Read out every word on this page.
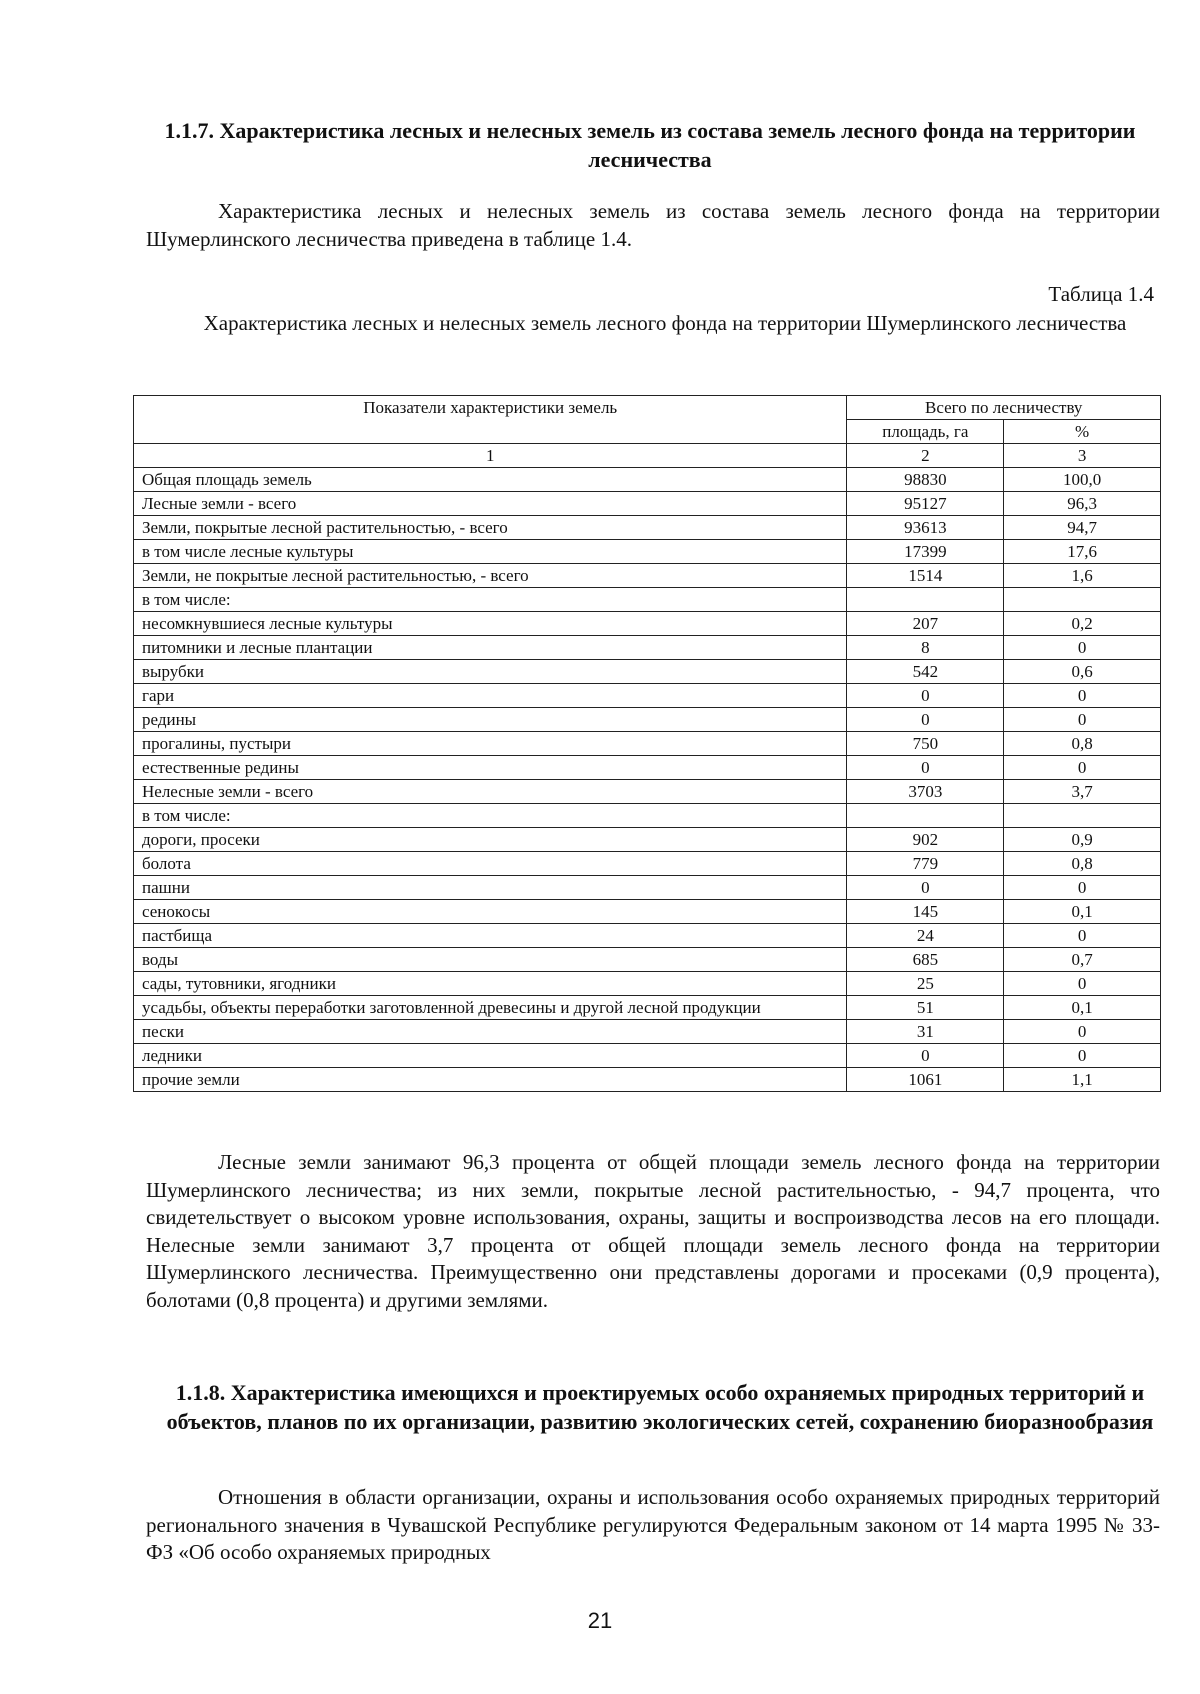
1.1.7. Характеристика лесных и нелесных земель из состава земель лесного фонда на территории лесничества

Характеристика лесных и нелесных земель из состава земель лесного фонда на территории Шумерлинского лесничества приведена в таблице 1.4.

Таблица 1.4
Характеристика лесных и нелесных земель лесного фонда на территории Шумерлинского лесничества
Показатели характеристики земель	Всего по лесничеству	
	площадь, га	%
1	2	3
Общая площадь земель	98830	100,0
Лесные земли - всего	95127	96,3
Земли, покрытые лесной растительностью, - всего	93613	94,7
в том числе лесные культуры	17399	17,6
Земли, не покрытые лесной растительностью, - всего	1514	1,6
в том числе:		
несомкнувшиеся лесные культуры	207	0,2
питомники и лесные плантации	8	0
вырубки	542	0,6
гари	0	0
редины	0	0
прогалины, пустыри	750	0,8
естественные редины	0	0
Нелесные земли - всего	3703	3,7
в том числе:		
дороги, просеки	902	0,9
болота	779	0,8
пашни	0	0
сенокосы	145	0,1
пастбища	24	0
воды	685	0,7
сады, тутовники, ягодники	25	0
усадьбы, объекты переработки заготовленной древесины и другой лесной продукции	51	0,1
пески	31	0
ледники	0	0
прочие земли	1061	1,1

Лесные земли занимают 96,3 процента от общей площади земель лесного фонда на территории Шумерлинского лесничества; из них земли, покрытые лесной растительностью, - 94,7 процента, что свидетельствует о высоком уровне использования, охраны, защиты и воспроизводства лесов на его площади. Нелесные земли занимают 3,7 процента от общей площади земель лесного фонда на территории Шумерлинского лесничества. Преимущественно они представлены дорогами и просеками (0,9 процента), болотами (0,8 процента) и другими землями.

1.1.8. Характеристика имеющихся и проектируемых особо охраняемых природных территорий и объектов, планов по их организации, развитию экологических сетей, сохранению биоразнообразия

Отношения в области организации, охраны и использования особо охраняемых природных территорий регионального значения в Чувашской Республике регулируются Федеральным законом от 14 марта 1995 № 33-ФЗ «Об особо охраняемых природных

21
